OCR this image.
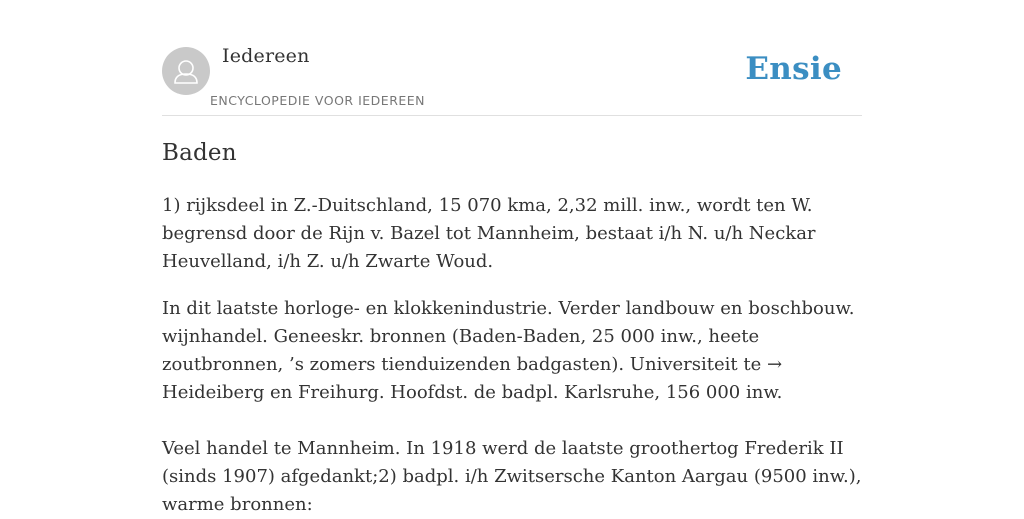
Iedereen
ENCYCLOPEDIE VOOR IEDEREEN
Ensie
Baden

1) rijksdeel in Z.-Duitschland, 15 070 kma, 2,32 mill. inw., wordt ten W. begrensd door de Rijn v. Bazel tot Mannheim, bestaat i/h N. u/h Neckar Heuvelland, i/h Z. u/h Zwarte Woud.

In dit laatste horloge- en klokkenindustrie. Verder landbouw en boschbouw. wijnhandel. Geneeskr. bronnen (Baden-Baden, 25 000 inw., heete zoutbronnen, ’s zomers tienduizenden badgasten). Universiteit te → Heideiberg en Freihurg. Hoofdst. de badpl. Karlsruhe, 156 000 inw.

Veel handel te Mannheim. In 1918 werd de laatste groothertog Frederik II (sinds 1907) afgedankt;2) badpl. i/h Zwitsersche Kanton Aargau (9500 inw.), warme bronnen:
